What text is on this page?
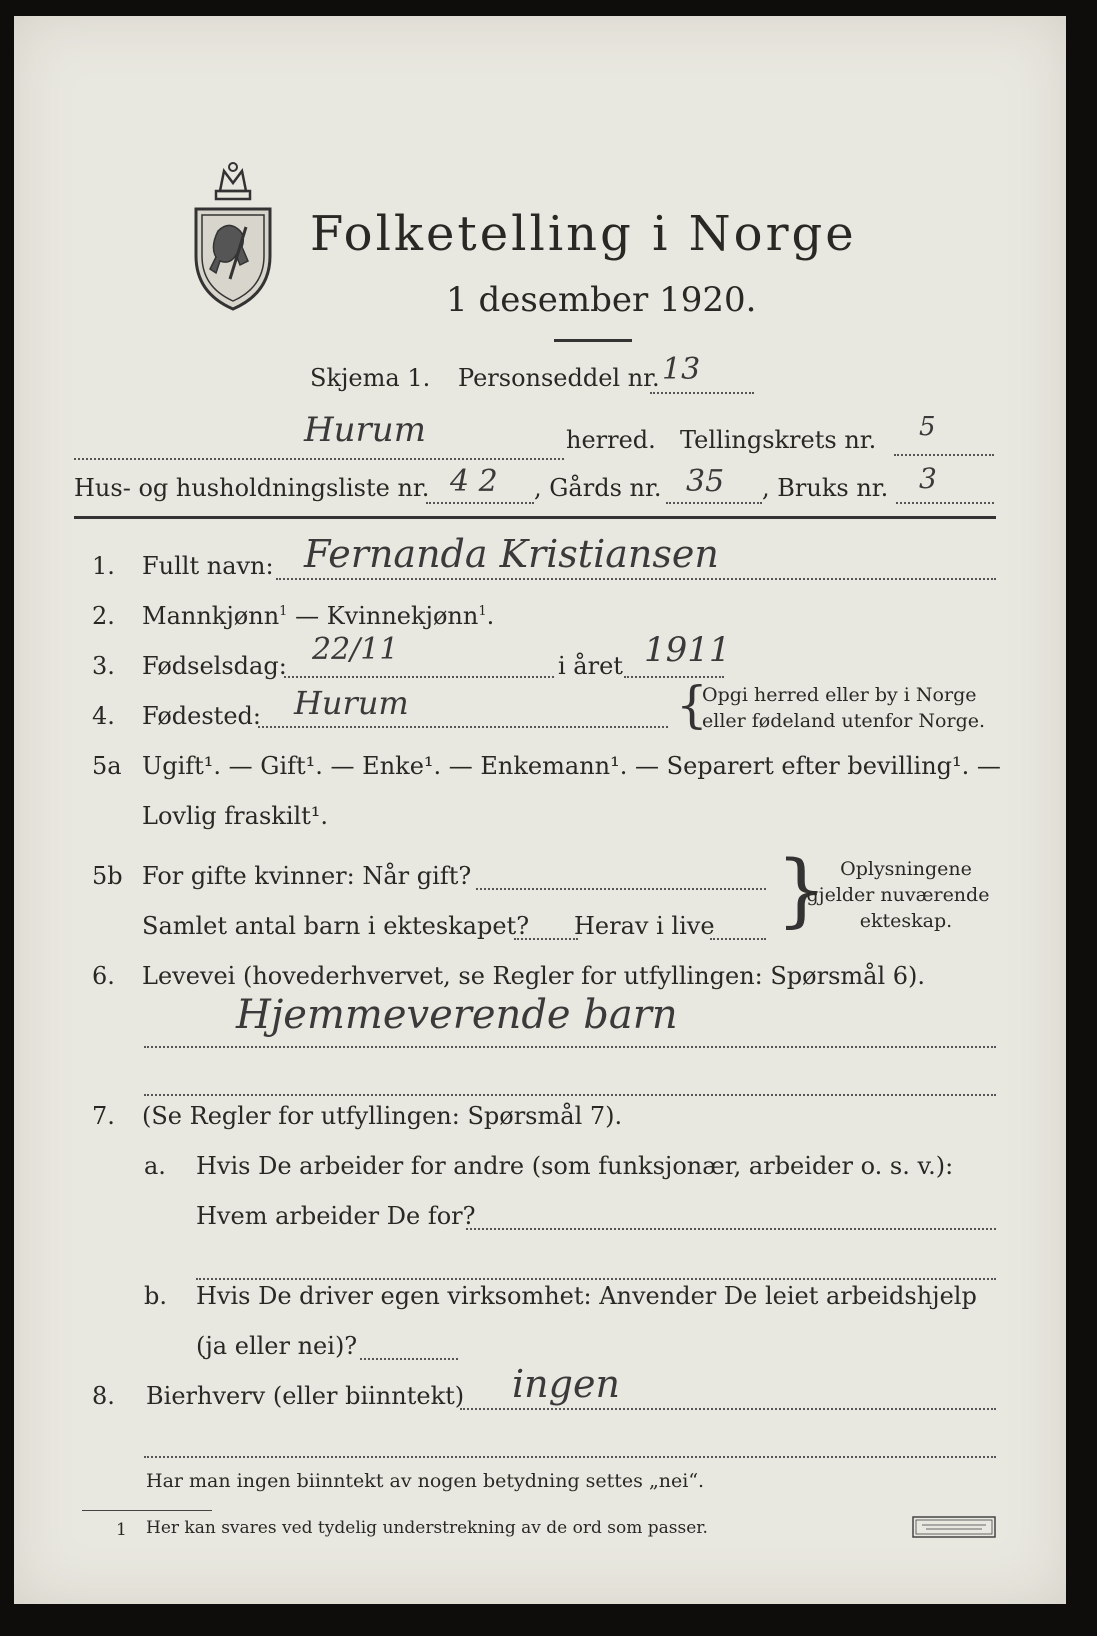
Folketelling i Norge
1 desember 1920.
Skjema 1. Personseddel nr. 13
Hurum	herred. Tellingskrets nr. 5
Hus- og husholdningsliste nr. 4 2 , Gårds nr. 35 , Bruks nr. 3
1. Fullt navn: Fernanda Kristiansen
2. Mannkjønn$^1$ — Kvinnekjønn$^1$.
3. Fødselsdag: 22/11	i året 1911
4. Fødested: Hurum	{
Opgi herred eller by i Norge
eller fødeland utenfor Norge.
5a Ugift¹. — Gift¹. — Enke¹. — Enkemann¹. — Separert efter bevilling¹. —
Lovlig fraskilt¹.
5b For gifte kvinner: Når gift?
Samlet antal barn i ekteskapet? Herav i live } Oplysningene
gjelder nuværende
ekteskap.
6. Levevei (hovederhvervet, se Regler for utfyllingen: Spørsmål 6).
Hjemmeverende barn
7. (Se Regler for utfyllingen: Spørsmål 7).
a. Hvis De arbeider for andre (som funksjonær, arbeider o. s. v.):
Hvem arbeider De for?
b. Hvis De driver egen virksomhet: Anvender De leiet arbeidshjelp
(ja eller nei)?
8. Bierhverv (eller biinntekt) ingen
Har man ingen biinntekt av nogen betydning settes „nei“.
1 Her kan svares ved tydelig understrekning av de ord som passer.
